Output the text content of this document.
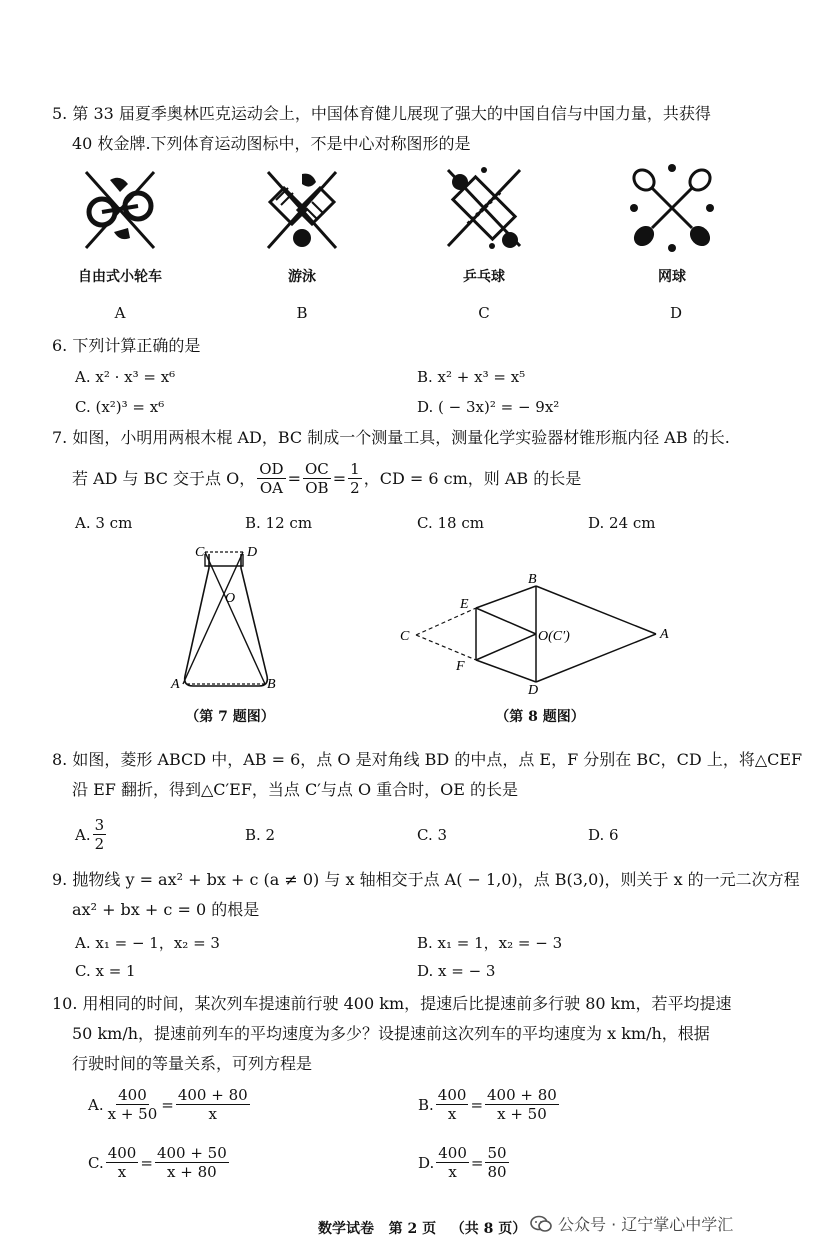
5. 第 33 届夏季奥林匹克运动会上，中国体育健儿展现了强大的中国自信与中国力量，共获得
40 枚金牌.下列体育运动图标中，不是中心对称图形的是
自由式小轮车	游泳	乒乓球	网球
A	B	C	D
6. 下列计算正确的是
A. x² · x³ = x⁶	B. x² + x³ = x⁵
C. (x²)³ = x⁶	D. ( − 3x)² = − 9x²
7. 如图，小明用两根木棍 AD，BC 制成一个测量工具，测量化学实验器材锥形瓶内径 AB 的长.
若 AD 与 BC 交于点 O， $\frac{OD}{OA} = \frac{OC}{OB} = \frac{1}{2}$ ，CD = 6 cm，则 AB 的长是
A. 3 cm	B. 12 cm	C. 18 cm	D. 24 cm
C	D
O
A	B
（第 7 题图）
B
E
C	O(C′)	A
F
D
（第 8 题图）
8. 如图，菱形 ABCD 中，AB = 6，点 O 是对角线 BD 的中点，点 E，F 分别在 BC，CD 上，将△CEF
沿 EF 翻折，得到△C′EF，当点 C′与点 O 重合时，OE 的长是
A. $\frac{3}{2}$	B. 2	C. 3	D. 6
9. 抛物线 y = ax² + bx + c (a ≠ 0) 与 x 轴相交于点 A( − 1,0)，点 B(3,0)，则关于 x 的一元二次方程
ax² + bx + c = 0 的根是
A. x₁ = − 1，x₂ = 3	B. x₁ = 1，x₂ = − 3
C. x = 1	D. x = − 3
10. 用相同的时间，某次列车提速前行驶 400 km，提速后比提速前多行驶 80 km，若平均提速
50 km/h，提速前列车的平均速度为多少？设提速前这次列车的平均速度为 x km/h，根据
行驶时间的等量关系，可列方程是
A. $\frac{400}{x + 50} = \frac{400 + 80}{x}$	B. $\frac{400}{x} = \frac{400 + 80}{x + 50}$
C. $\frac{400}{x} = \frac{400 + 50}{x + 80}$	D. $\frac{400}{x} = \frac{50}{80}$
数学试卷   第 2 页   （共 8 页） 公众号 · 辽宁掌心中学汇
